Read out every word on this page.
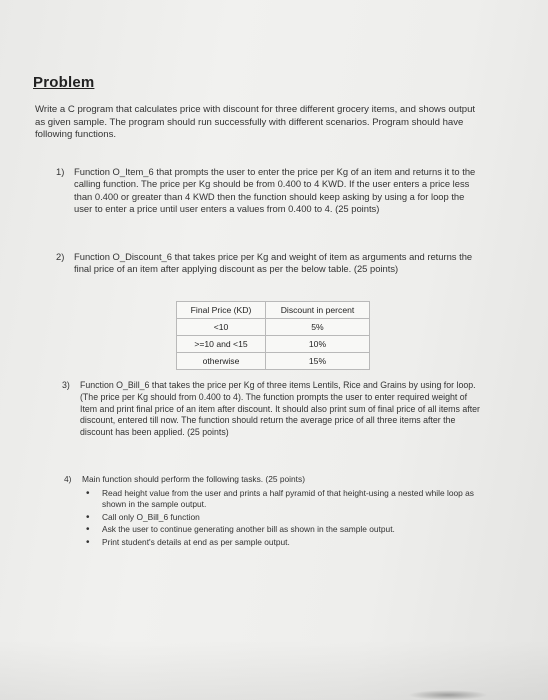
Problem
Write a C program that calculates price with discount for three different grocery items, and shows output as given sample. The program should run successfully with different scenarios. Program should have following functions.
1) Function O_Item_6 that prompts the user to enter the price per Kg of an item and returns it to the calling function. The price per Kg should be from 0.400 to 4 KWD. If the user enters a price less than 0.400 or greater than 4 KWD then the function should keep asking by using a for loop the user to enter a price until user enters a values from 0.400 to 4. (25 points)
2) Function O_Discount_6 that takes price per Kg and weight of item as arguments and returns the final price of an item after applying discount as per the below table. (25 points)
Final Price (KD)	Discount in percent
<10	5%
>=10 and <15	10%
otherwise	15%
3) Function O_Bill_6 that takes the price per Kg of three items Lentils, Rice and Grains by using for loop. (The price per Kg should from 0.400 to 4). The function prompts the user to enter required weight of Item and print final price of an item after discount. It should also print sum of final price of all items after discount, entered till now. The function should return the average price of all three items after the discount has been applied. (25 points)
4) Main function should perform the following tasks. (25 points)
• Read height value from the user and prints a half pyramid of that height-using a nested while loop as shown in the sample output.
• Call only O_Bill_6 function
• Ask the user to continue generating another bill as shown in the sample output.
• Print student's details at end as per sample output.
